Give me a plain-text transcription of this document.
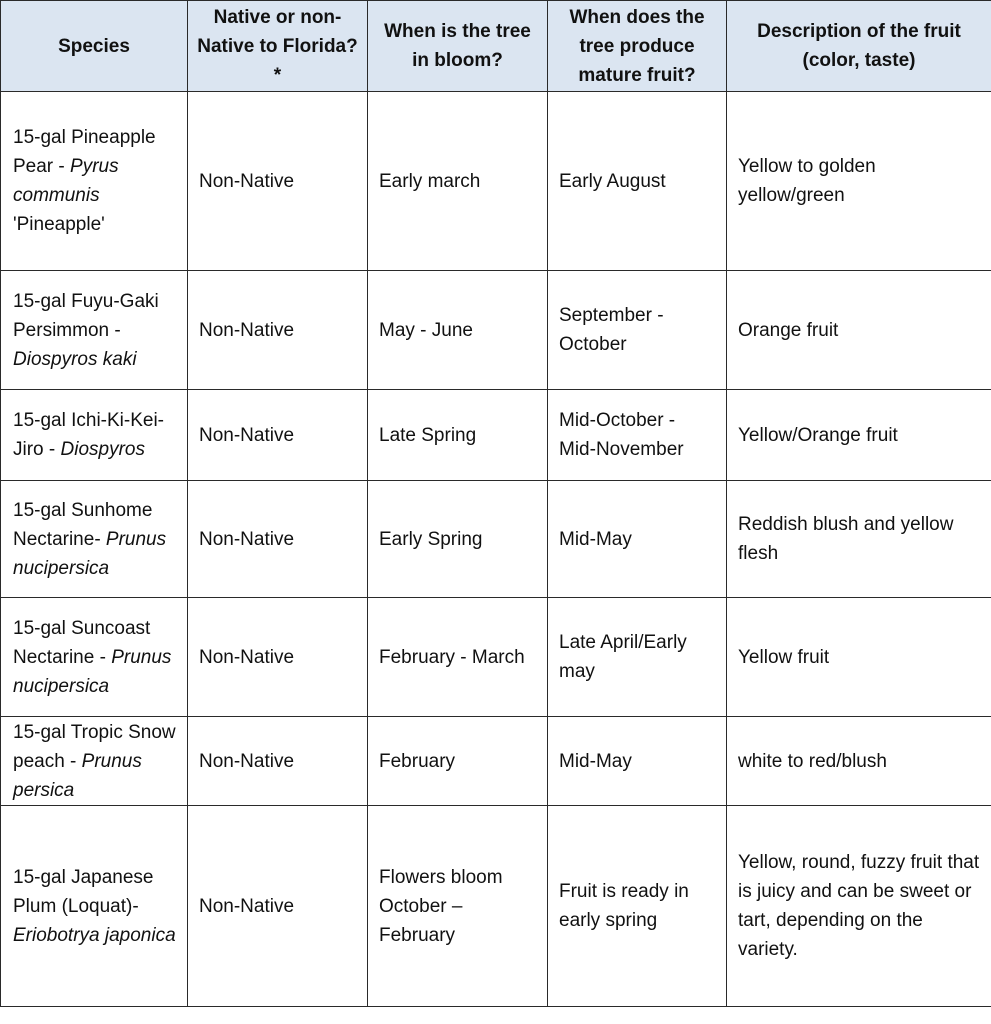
Species	Native or non-Native to Florida?*	When is the tree in bloom?	When does the tree produce mature fruit?	Description of the fruit (color, taste)
15-gal Pineapple Pear - Pyrus communis 'Pineapple'	Non-Native	Early march	Early August	Yellow to golden yellow/green
15-gal Fuyu-Gaki Persimmon - Diospyros kaki	Non-Native	May - June	September - October	Orange fruit
15-gal Ichi-Ki-Kei-Jiro - Diospyros	Non-Native	Late Spring	Mid-October - Mid-November	Yellow/Orange fruit
15-gal Sunhome Nectarine- Prunus nucipersica	Non-Native	Early Spring	Mid-May	Reddish blush and yellow flesh
15-gal Suncoast Nectarine - Prunus nucipersica	Non-Native	February - March	Late April/Early may	Yellow fruit
15-gal Tropic Snow peach - Prunus persica	Non-Native	February	Mid-May	white to red/blush
15-gal Japanese Plum (Loquat)- Eriobotrya japonica	Non-Native	Flowers bloom October – February	Fruit is ready in early spring	Yellow, round, fuzzy fruit that is juicy and can be sweet or tart, depending on the variety.
